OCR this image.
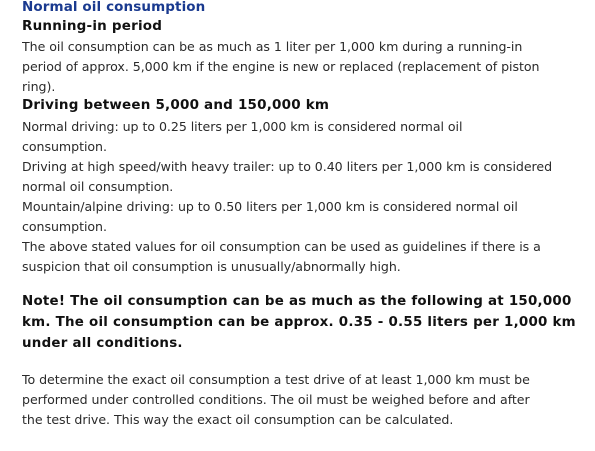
Normal oil consumption
Running-in period
The oil consumption can be as much as 1 liter per 1,000 km during a running-in
period of approx. 5,000 km if the engine is new or replaced (replacement of piston
ring).
Driving between 5,000 and 150,000 km
Normal driving: up to 0.25 liters per 1,000 km is considered normal oil
consumption.
Driving at high speed/with heavy trailer: up to 0.40 liters per 1,000 km is considered
normal oil consumption.
Mountain/alpine driving: up to 0.50 liters per 1,000 km is considered normal oil
consumption.
The above stated values for oil consumption can be used as guidelines if there is a
suspicion that oil consumption is unusually/abnormally high.
Note! The oil consumption can be as much as the following at 150,000
km. The oil consumption can be approx. 0.35 - 0.55 liters per 1,000 km
under all conditions.
To determine the exact oil consumption a test drive of at least 1,000 km must be
performed under controlled conditions. The oil must be weighed before and after
the test drive. This way the exact oil consumption can be calculated.
